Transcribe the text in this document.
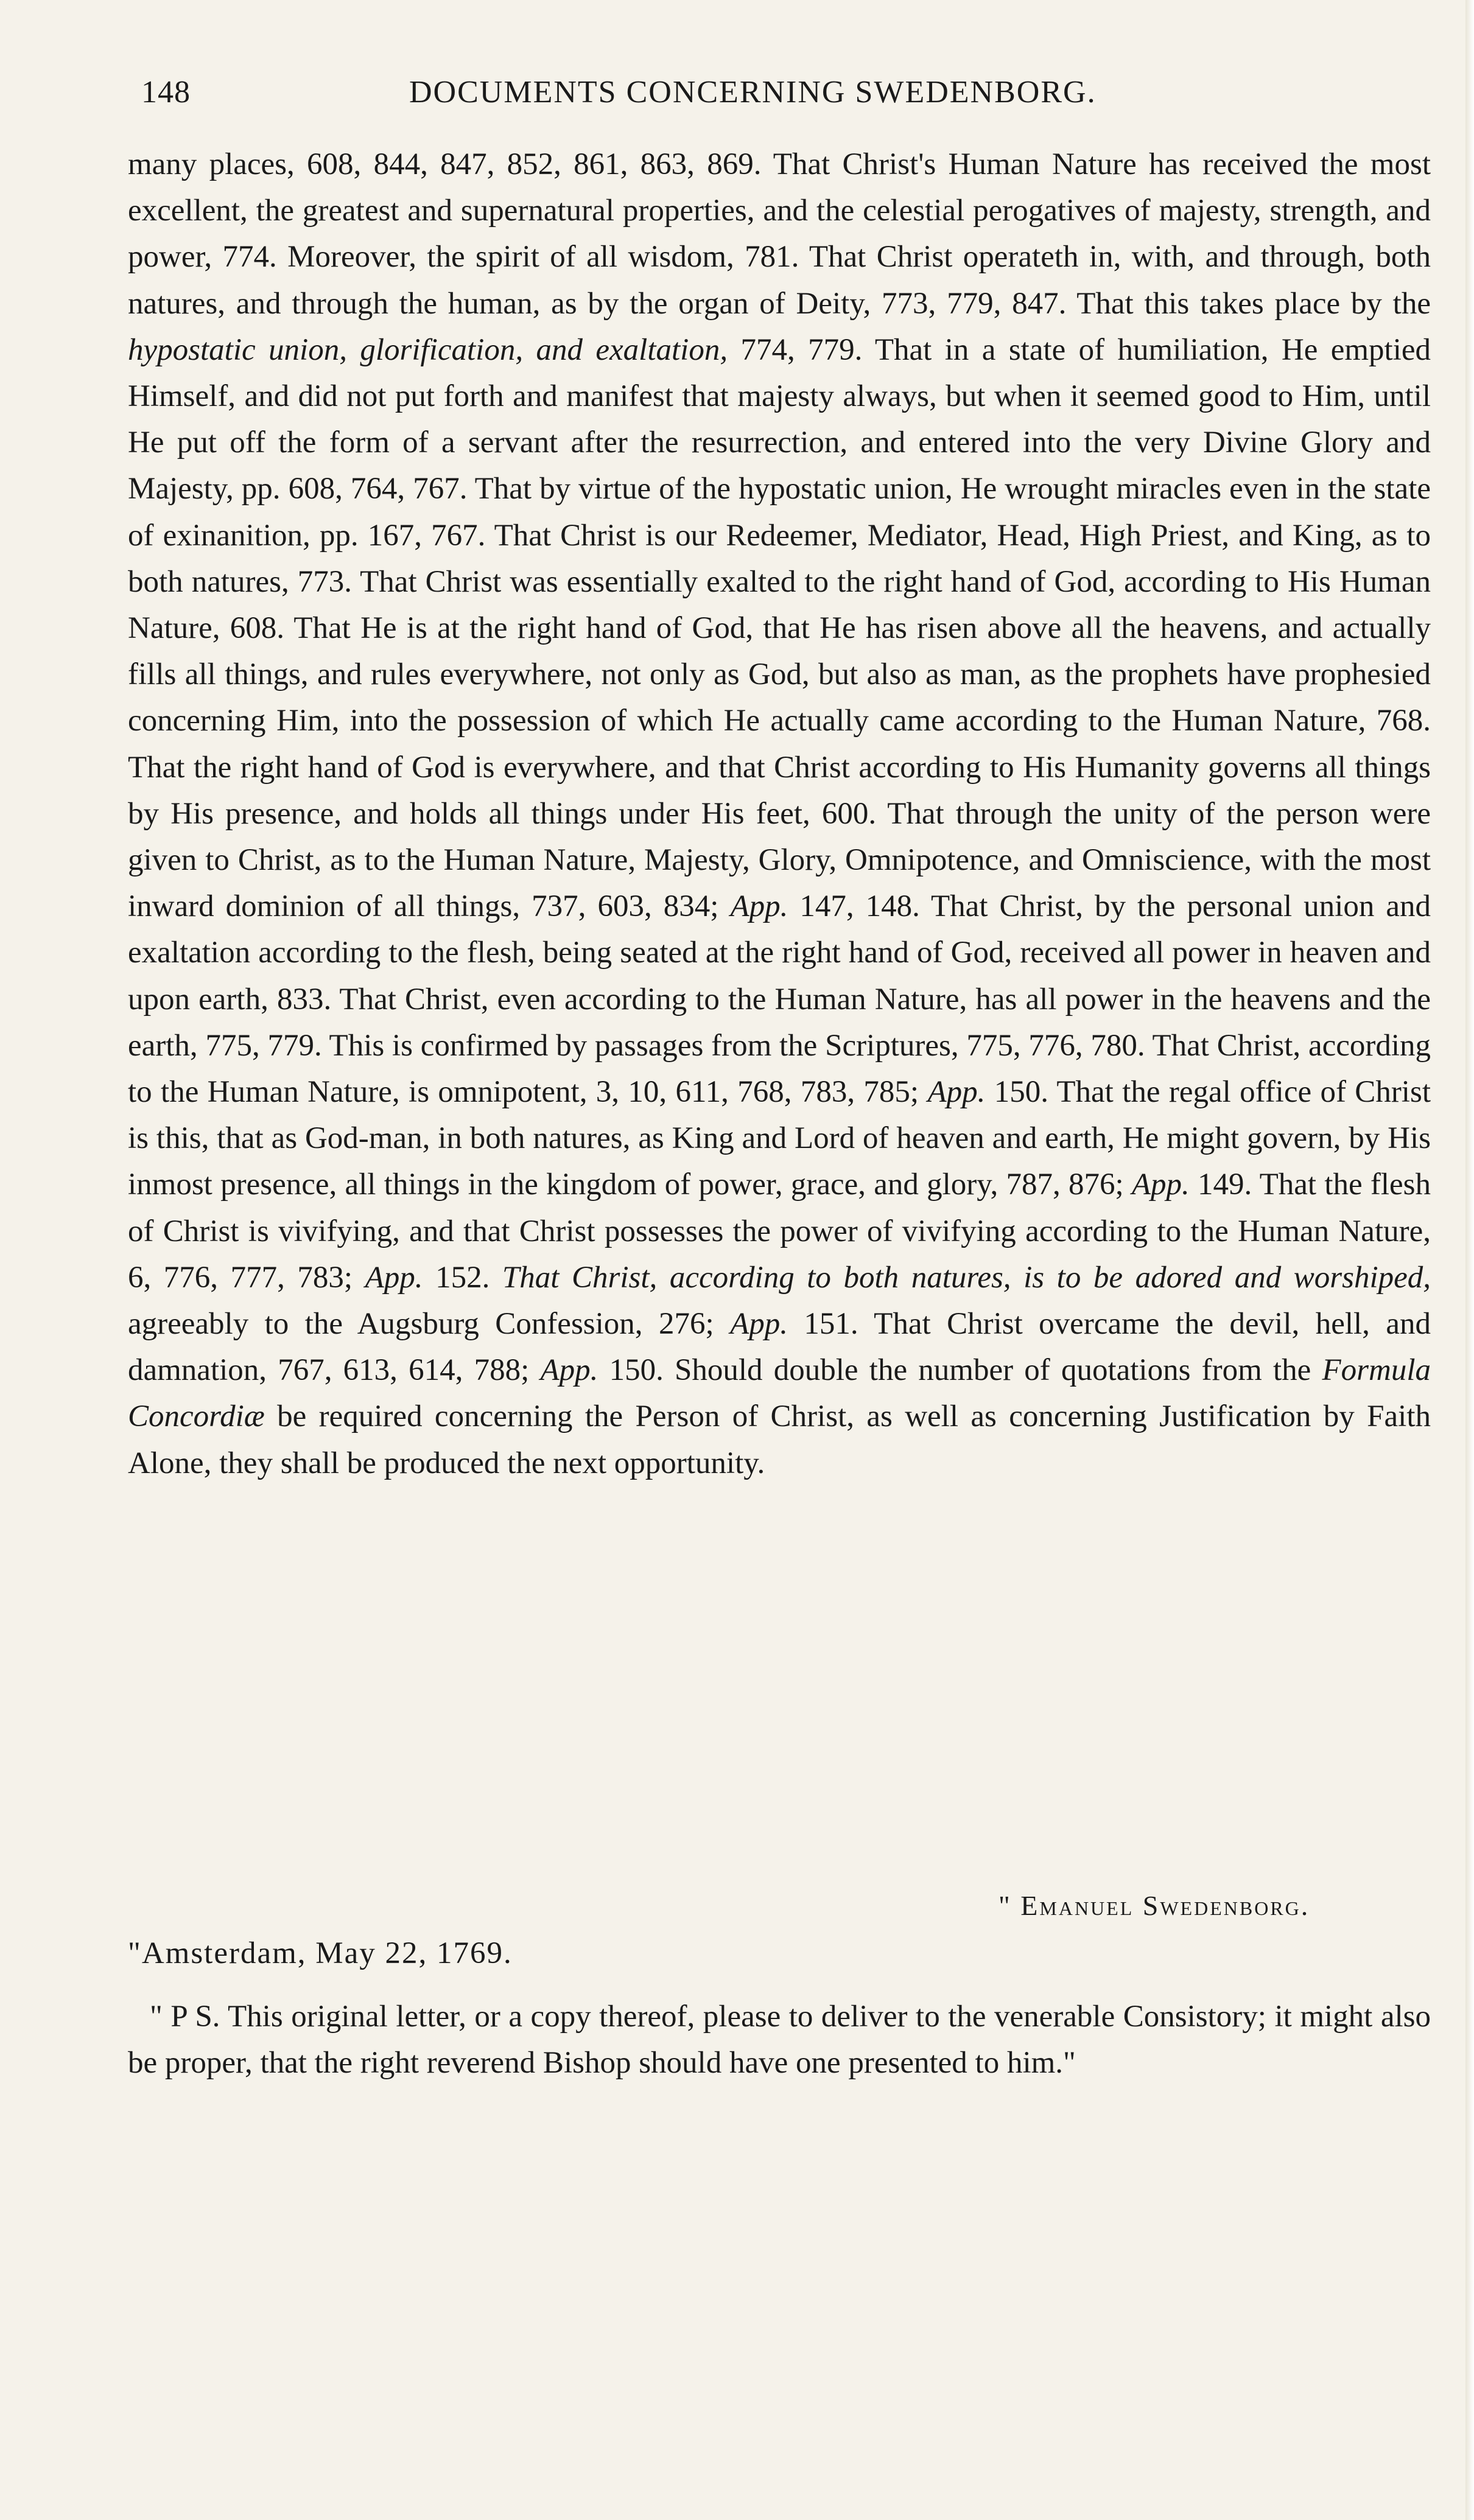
148	DOCUMENTS CONCERNING SWEDENBORG.

many places, 608, 844, 847, 852, 861, 863, 869. That Christ's Human Nature has received the most excellent, the greatest and supernatural properties, and the celestial perogatives of majesty, strength, and power, 774. Moreover, the spirit of all wisdom, 781. That Christ operateth in, with, and through, both natures, and through the human, as by the organ of Deity, 773, 779, 847. That this takes place by the hypostatic union, glorification, and exaltation, 774, 779. That in a state of humiliation, He emptied Himself, and did not put forth and manifest that majesty always, but when it seemed good to Him, until He put off the form of a servant after the resurrection, and entered into the very Divine Glory and Majesty, pp. 608, 764, 767. That by virtue of the hypostatic union, He wrought miracles even in the state of exinanition, pp. 167, 767. That Christ is our Redeemer, Mediator, Head, High Priest, and King, as to both natures, 773. That Christ was essentially exalted to the right hand of God, according to His Human Nature, 608. That He is at the right hand of God, that He has risen above all the heavens, and actually fills all things, and rules everywhere, not only as God, but also as man, as the prophets have prophesied concerning Him, into the possession of which He actually came according to the Human Nature, 768. That the right hand of God is everywhere, and that Christ according to His Humanity governs all things by His presence, and holds all things under His feet, 600. That through the unity of the person were given to Christ, as to the Human Nature, Majesty, Glory, Omnipotence, and Omniscience, with the most inward dominion of all things, 737, 603, 834; App. 147, 148. That Christ, by the personal union and exaltation according to the flesh, being seated at the right hand of God, received all power in heaven and upon earth, 833. That Christ, even according to the Human Nature, has all power in the heavens and the earth, 775, 779. This is confirmed by passages from the Scriptures, 775, 776, 780. That Christ, according to the Human Nature, is omnipotent, 3, 10, 611, 768, 783, 785; App. 150. That the regal office of Christ is this, that as God-man, in both natures, as King and Lord of heaven and earth, He might govern, by His inmost presence, all things in the kingdom of power, grace, and glory, 787, 876; App. 149. That the flesh of Christ is vivifying, and that Christ possesses the power of vivifying according to the Human Nature, 6, 776, 777, 783; App. 152. That Christ, according to both natures, is to be adored and worshiped, agreeably to the Augsburg Confession, 276; App. 151. That Christ overcame the devil, hell, and damnation, 767, 613, 614, 788; App. 150. Should double the number of quotations from the Formula Concordiæ be required concerning the Person of Christ, as well as concerning Justification by Faith Alone, they shall be produced the next opportunity.

" Emanuel Swedenborg.
"Amsterdam, May 22, 1769.

" P S. This original letter, or a copy thereof, please to deliver to the venerable Consistory; it might also be proper, that the right reverend Bishop should have one presented to him."
